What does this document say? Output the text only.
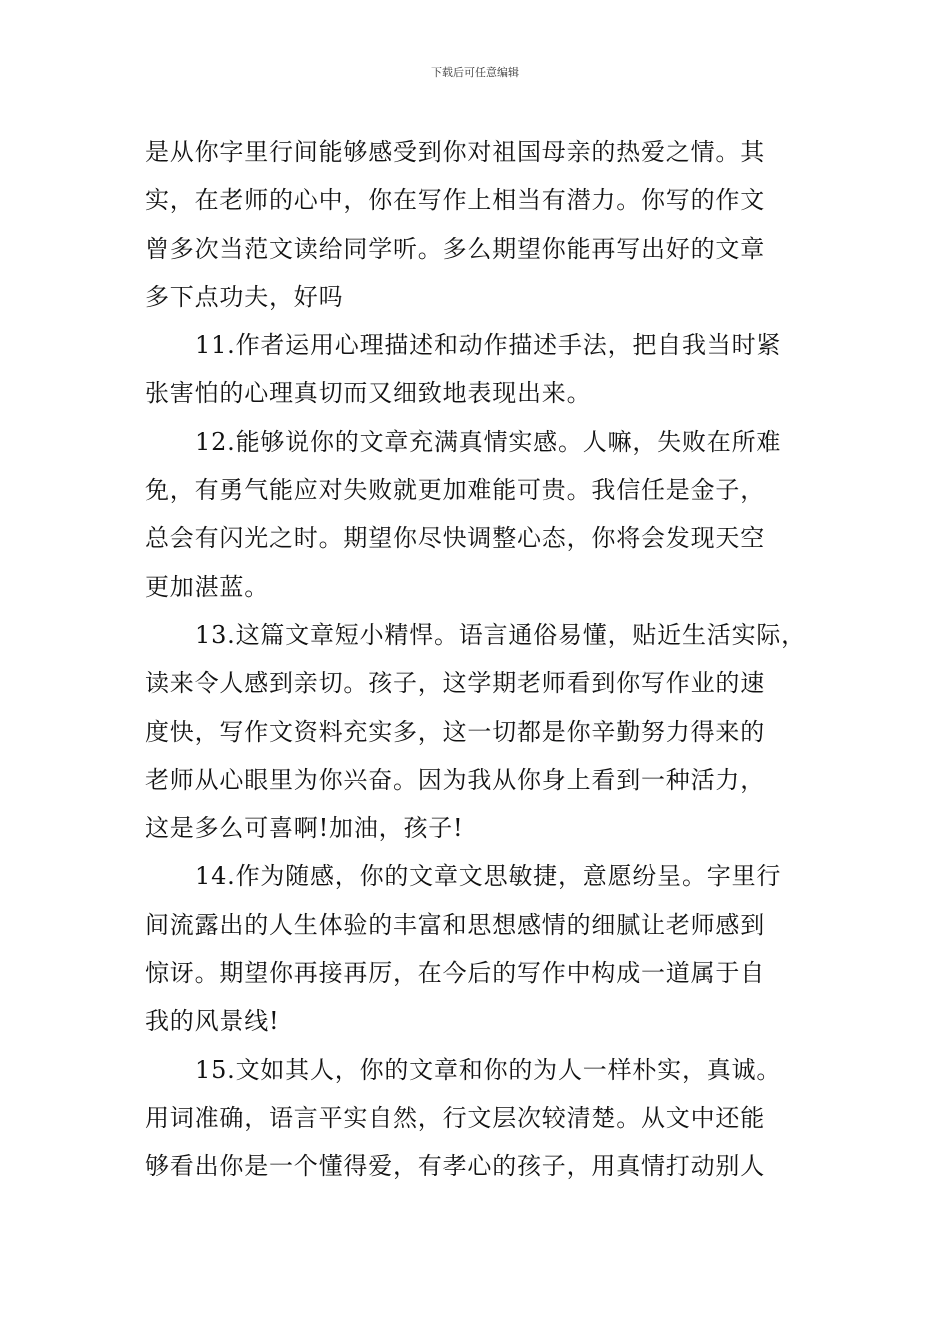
下载后可任意编辑
是从你字里行间能够感受到你对祖国母亲的热爱之情。其
实，在老师的心中，你在写作上相当有潜力。你写的作文
曾多次当范文读给同学听。多么期望你能再写出好的文章
多下点功夫，好吗
11.作者运用心理描述和动作描述手法，把自我当时紧
张害怕的心理真切而又细致地表现出来。
12.能够说你的文章充满真情实感。人嘛，失败在所难
免，有勇气能应对失败就更加难能可贵。我信任是金子，
总会有闪光之时。期望你尽快调整心态，你将会发现天空
更加湛蓝。
13.这篇文章短小精悍。语言通俗易懂，贴近生活实际，
读来令人感到亲切。孩子，这学期老师看到你写作业的速
度快，写作文资料充实多，这一切都是你辛勤努力得来的
老师从心眼里为你兴奋。因为我从你身上看到一种活力，
这是多么可喜啊!加油，孩子!
14.作为随感，你的文章文思敏捷，意愿纷呈。字里行
间流露出的人生体验的丰富和思想感情的细腻让老师感到
惊讶。期望你再接再厉，在今后的写作中构成一道属于自
我的风景线!
15.文如其人，你的文章和你的为人一样朴实，真诚。
用词准确，语言平实自然，行文层次较清楚。从文中还能
够看出你是一个懂得爱，有孝心的孩子，用真情打动别人
